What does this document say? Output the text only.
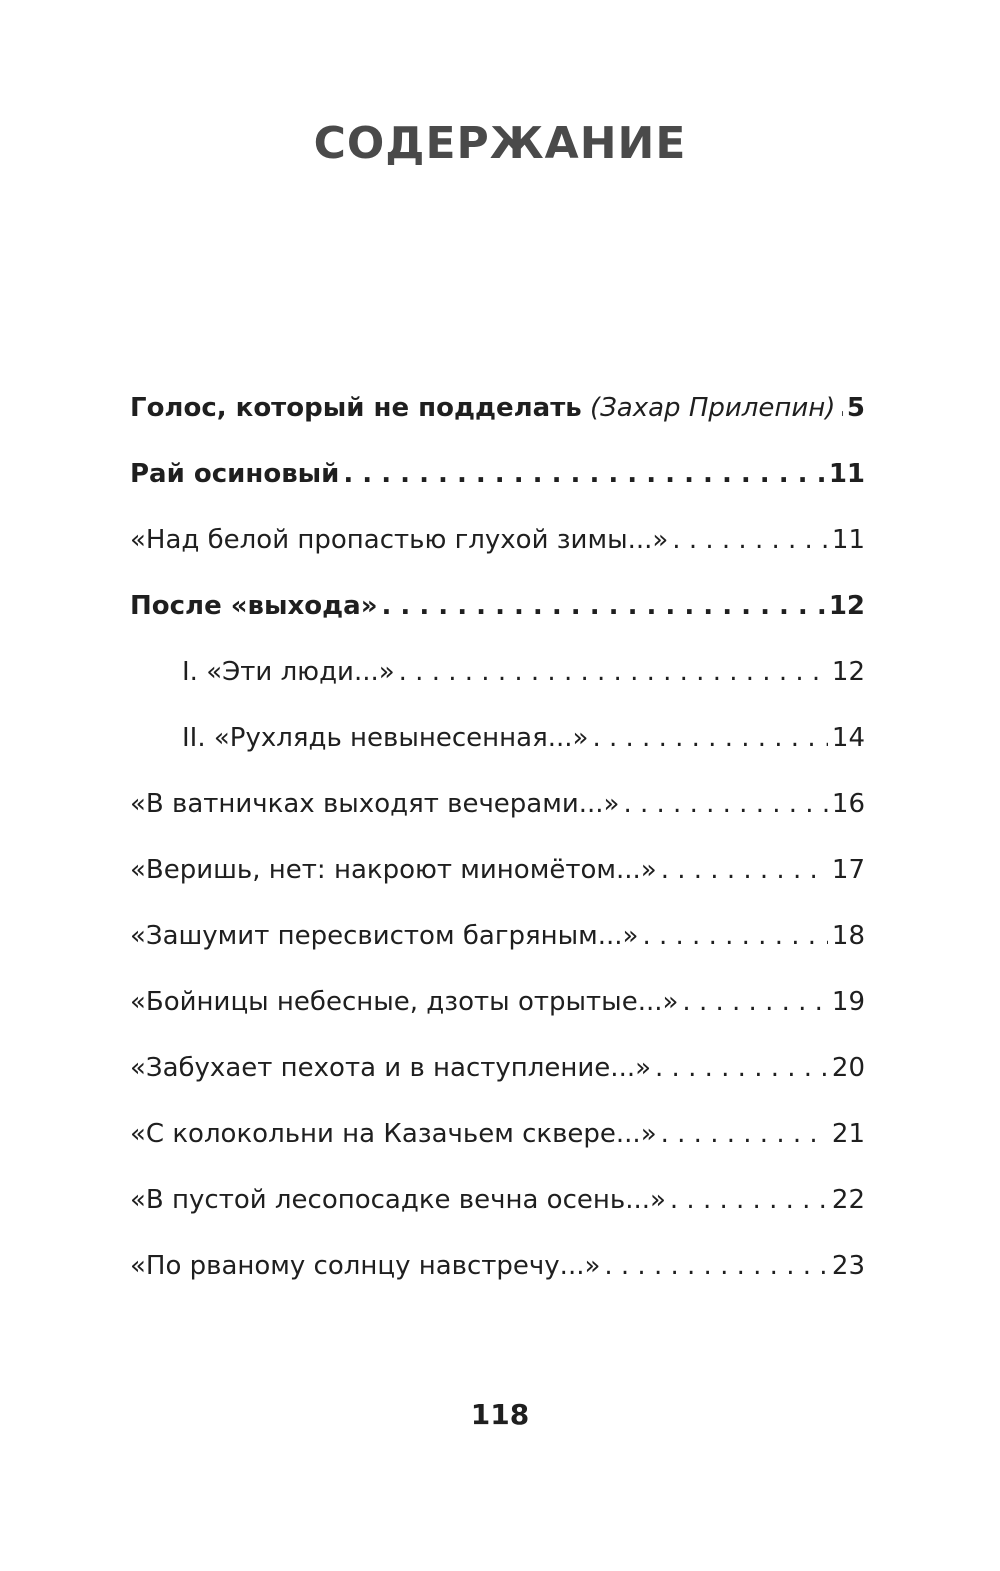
СОДЕРЖАНИЕ
Голос, который не подделать (Захар Прилепин) . . . 5
Рай осиновый . . .	11
«Над белой пропастью глухой зимы...» . . .	11
После «выхода» . . .	12
I. «Эти люди...» . . .	12
II. «Рухлядь невынесенная...» . . .	14
«В ватничках выходят вечерами...» . . .	16
«Веришь, нет: накроют миномётом...» . . .	17
«Зашумит пересвистом багряным...» . . .	18
«Бойницы небесные, дзоты отрытые...» . . .	19
«Забухает пехота и в наступление...» . . .	20
«С колокольни на Казачьем сквере...» . . .	21
«В пустой лесопосадке вечна осень...» . . .	22
«По рваному солнцу навстречу...» . . .	23
118
